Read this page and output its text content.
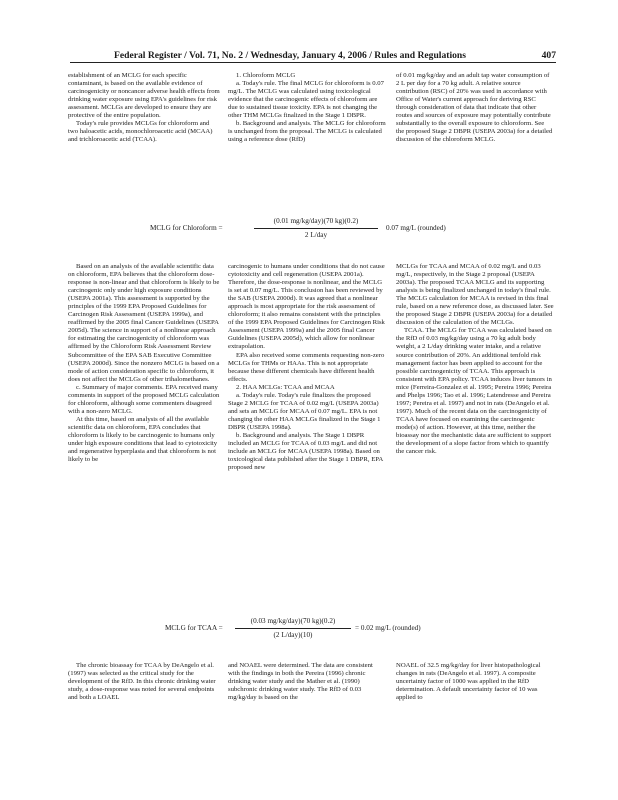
Federal Register / Vol. 71, No. 2 / Wednesday, January 4, 2006 / Rules and Regulations	407

establishment of an MCLG for each specific contaminant, is based on the available evidence of carcinogenicity or noncancer adverse health effects from drinking water exposure using EPA's guidelines for risk assessment. MCLGs are developed to ensure they are protective of the entire population.

Today's rule provides MCLGs for chloroform and two haloacetic acids, monochloroacetic acid (MCAA) and trichloroacetic acid (TCAA).

1. Chloroform MCLG

a. Today's rule. The final MCLG for chloroform is 0.07 mg/L. The MCLG was calculated using toxicological evidence that the carcinogenic effects of chloroform are due to sustained tissue toxicity. EPA is not changing the other THM MCLGs finalized in the Stage 1 DBPR.

b. Background and analysis. The MCLG for chloroform is unchanged from the proposal. The MCLG is calculated using a reference dose (RfD)

of 0.01 mg/kg/day and an adult tap water consumption of 2 L per day for a 70 kg adult. A relative source contribution (RSC) of 20% was used in accordance with Office of Water's current approach for deriving RSC through consideration of data that indicate that other routes and sources of exposure may potentially contribute substantially to the overall exposure to chloroform. See the proposed Stage 2 DBPR (USEPA 2003a) for a detailed discussion of the chloroform MCLG.

MCLG for Chloroform =
(0.01 mg/kg/day)(70 kg)(0.2)
2 L/day
0.07 mg/L (rounded)

Based on an analysis of the available scientific data on chloroform, EPA believes that the chloroform dose-response is non-linear and that chloroform is likely to be carcinogenic only under high exposure conditions (USEPA 2001a). This assessment is supported by the principles of the 1999 EPA Proposed Guidelines for Carcinogen Risk Assessment (USEPA 1999a), and reaffirmed by the 2005 final Cancer Guidelines (USEPA 2005d). The science in support of a nonlinear approach for estimating the carcinogenicity of chloroform was affirmed by the Chloroform Risk Assessment Review Subcommittee of the EPA SAB Executive Committee (USEPA 2000d). Since the nonzero MCLG is based on a mode of action consideration specific to chloroform, it does not affect the MCLGs of other trihalomethanes.

c. Summary of major comments. EPA received many comments in support of the proposed MCLG calculation for chloroform, although some commenters disagreed with a non-zero MCLG.

At this time, based on analysis of all the available scientific data on chloroform, EPA concludes that chloroform is likely to be carcinogenic to humans only under high exposure conditions that lead to cytotoxicity and regenerative hyperplasia and that chloroform is not likely to be

carcinogenic to humans under conditions that do not cause cytotoxicity and cell regeneration (USEPA 2001a). Therefore, the dose-response is nonlinear, and the MCLG is set at 0.07 mg/L. This conclusion has been reviewed by the SAB (USEPA 2000d). It was agreed that a nonlinear approach is most appropriate for the risk assessment of chloroform; it also remains consistent with the principles of the 1999 EPA Proposed Guidelines for Carcinogen Risk Assessment (USEPA 1999a) and the 2005 final Cancer Guidelines (USEPA 2005d), which allow for nonlinear extrapolation.

EPA also received some comments requesting non-zero MCLGs for THMs or HAAs. This is not appropriate because these different chemicals have different health effects.

2. HAA MCLGs: TCAA and MCAA

a. Today's rule. Today's rule finalizes the proposed Stage 2 MCLG for TCAA of 0.02 mg/L (USEPA 2003a) and sets an MCLG for MCAA of 0.07 mg/L. EPA is not changing the other HAA MCLGs finalized in the Stage 1 DBPR (USEPA 1998a).

b. Background and analysis. The Stage 1 DBPR included an MCLG for TCAA of 0.03 mg/L and did not include an MCLG for MCAA (USEPA 1998a). Based on toxicological data published after the Stage 1 DBPR, EPA proposed new

MCLGs for TCAA and MCAA of 0.02 mg/L and 0.03 mg/L, respectively, in the Stage 2 proposal (USEPA 2003a). The proposed TCAA MCLG and its supporting analysis is being finalized unchanged in today's final rule. The MCLG calculation for MCAA is revised in this final rule, based on a new reference dose, as discussed later. See the proposed Stage 2 DBPR (USEPA 2003a) for a detailed discussion of the calculation of the MCLGs.

TCAA. The MCLG for TCAA was calculated based on the RfD of 0.03 mg/kg/day using a 70 kg adult body weight, a 2 L/day drinking water intake, and a relative source contribution of 20%. An additional tenfold risk management factor has been applied to account for the possible carcinogenicity of TCAA. This approach is consistent with EPA policy. TCAA induces liver tumors in mice (Ferreira-Gonzalez et al. 1995; Pereira 1996; Pereira and Phelps 1996; Tao et al. 1996; Latendresse and Pereira 1997; Pereira et al. 1997) and not in rats (DeAngelo et al. 1997). Much of the recent data on the carcinogenicity of TCAA have focused on examining the carcinogenic mode(s) of action. However, at this time, neither the bioassay nor the mechanistic data are sufficient to support the development of a slope factor from which to quantify the cancer risk.

MCLG for TCAA =
(0.03 mg/kg/day)(70 kg)(0.2)
(2 L/day)(10)
= 0.02 mg/L (rounded)

The chronic bioassay for TCAA by DeAngelo et al. (1997) was selected as the critical study for the development of the RfD. In this chronic drinking water study, a dose-response was noted for several endpoints and both a LOAEL

and NOAEL were determined. The data are consistent with the findings in both the Pereira (1996) chronic drinking water study and the Mather et al. (1990) subchronic drinking water study. The RfD of 0.03 mg/kg/day is based on the

NOAEL of 32.5 mg/kg/day for liver histopathological changes in rats (DeAngelo et al. 1997). A composite uncertainty factor of 1000 was applied in the RfD determination. A default uncertainty factor of 10 was applied to
